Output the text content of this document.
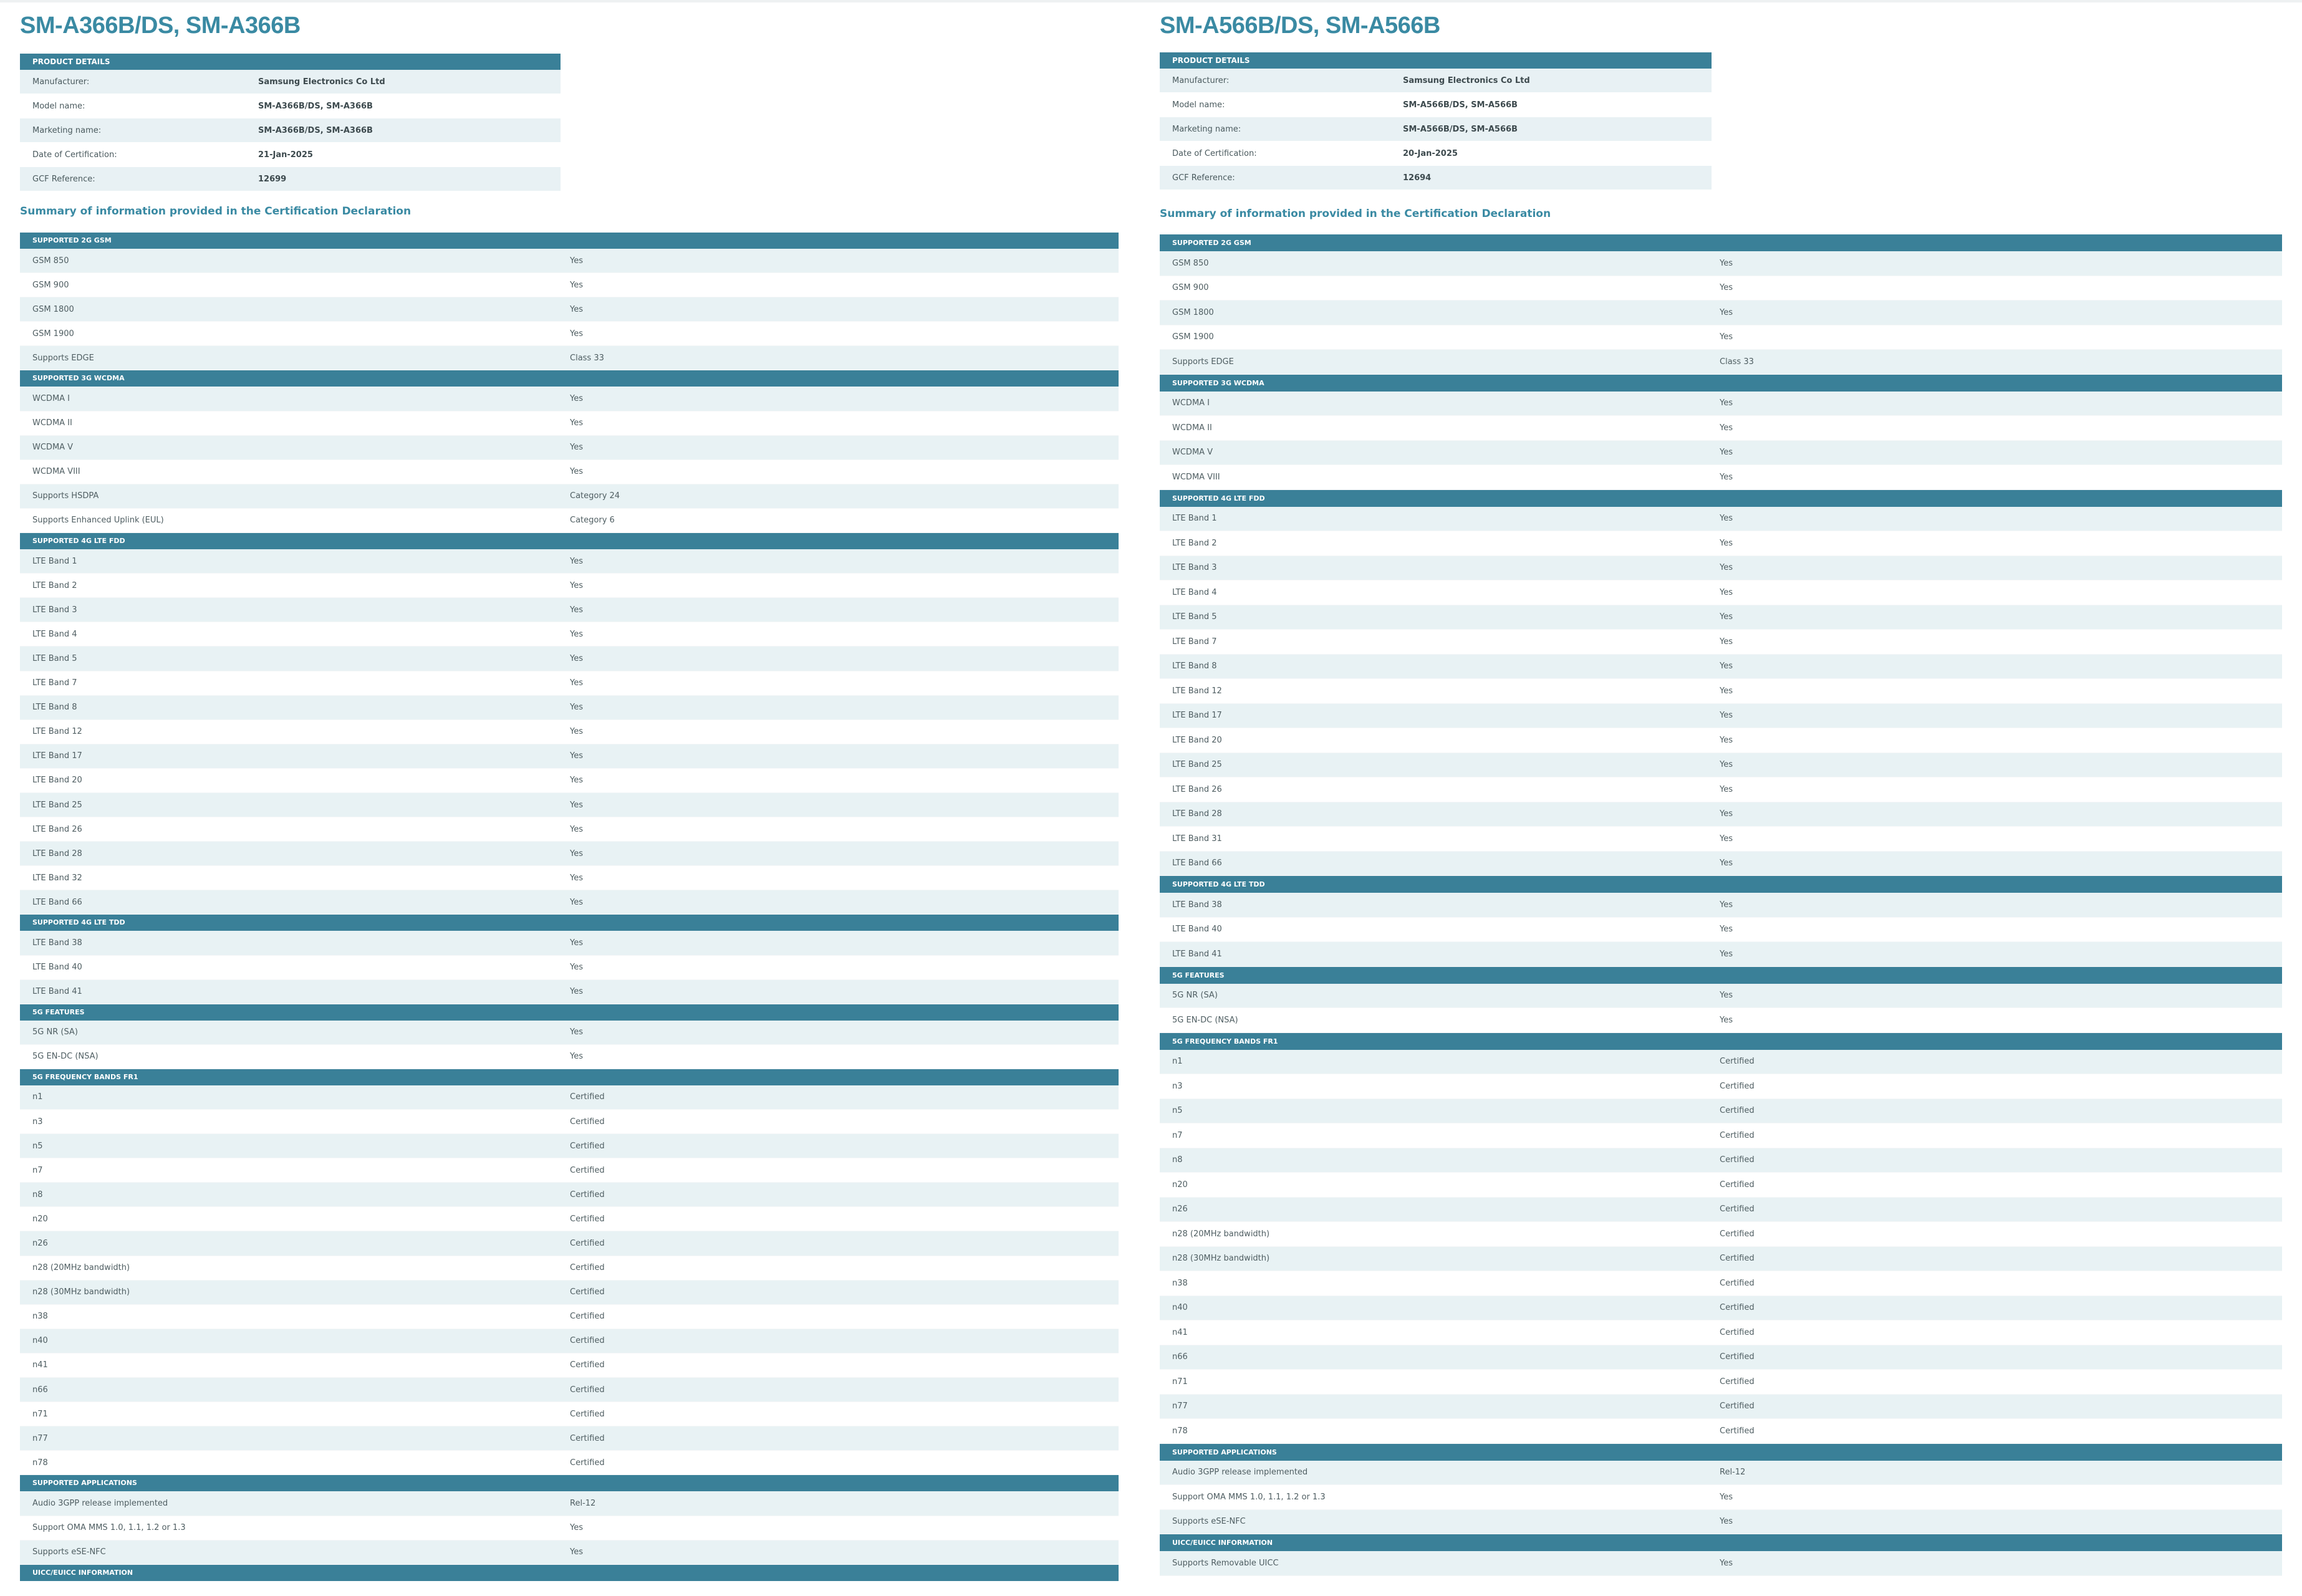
SM-A366B/DS, SM-A366B
PRODUCT DETAILS
Manufacturer:	Samsung Electronics Co Ltd
Model name:	SM-A366B/DS, SM-A366B
Marketing name:	SM-A366B/DS, SM-A366B
Date of Certification:	21-Jan-2025
GCF Reference:	12699
Summary of information provided in the Certification Declaration
SUPPORTED 2G GSM
GSM 850	Yes
GSM 900	Yes
GSM 1800	Yes
GSM 1900	Yes
Supports EDGE	Class 33
SUPPORTED 3G WCDMA
WCDMA I	Yes
WCDMA II	Yes
WCDMA V	Yes
WCDMA VIII	Yes
Supports HSDPA	Category 24
Supports Enhanced Uplink (EUL)	Category 6
SUPPORTED 4G LTE FDD
LTE Band 1	Yes
LTE Band 2	Yes
LTE Band 3	Yes
LTE Band 4	Yes
LTE Band 5	Yes
LTE Band 7	Yes
LTE Band 8	Yes
LTE Band 12	Yes
LTE Band 17	Yes
LTE Band 20	Yes
LTE Band 25	Yes
LTE Band 26	Yes
LTE Band 28	Yes
LTE Band 32	Yes
LTE Band 66	Yes
SUPPORTED 4G LTE TDD
LTE Band 38	Yes
LTE Band 40	Yes
LTE Band 41	Yes
5G FEATURES
5G NR (SA)	Yes
5G EN-DC (NSA)	Yes
5G FREQUENCY BANDS FR1
n1	Certified
n3	Certified
n5	Certified
n7	Certified
n8	Certified
n20	Certified
n26	Certified
n28 (20MHz bandwidth)	Certified
n28 (30MHz bandwidth)	Certified
n38	Certified
n40	Certified
n41	Certified
n66	Certified
n71	Certified
n77	Certified
n78	Certified
SUPPORTED APPLICATIONS
Audio 3GPP release implemented	Rel-12
Support OMA MMS 1.0, 1.1, 1.2 or 1.3	Yes
Supports eSE-NFC	Yes
UICC/EUICC INFORMATION
SM-A566B/DS, SM-A566B
PRODUCT DETAILS
Manufacturer:	Samsung Electronics Co Ltd
Model name:	SM-A566B/DS, SM-A566B
Marketing name:	SM-A566B/DS, SM-A566B
Date of Certification:	20-Jan-2025
GCF Reference:	12694
Summary of information provided in the Certification Declaration
SUPPORTED 2G GSM
GSM 850	Yes
GSM 900	Yes
GSM 1800	Yes
GSM 1900	Yes
Supports EDGE	Class 33
SUPPORTED 3G WCDMA
WCDMA I	Yes
WCDMA II	Yes
WCDMA V	Yes
WCDMA VIII	Yes
SUPPORTED 4G LTE FDD
LTE Band 1	Yes
LTE Band 2	Yes
LTE Band 3	Yes
LTE Band 4	Yes
LTE Band 5	Yes
LTE Band 7	Yes
LTE Band 8	Yes
LTE Band 12	Yes
LTE Band 17	Yes
LTE Band 20	Yes
LTE Band 25	Yes
LTE Band 26	Yes
LTE Band 28	Yes
LTE Band 31	Yes
LTE Band 66	Yes
SUPPORTED 4G LTE TDD
LTE Band 38	Yes
LTE Band 40	Yes
LTE Band 41	Yes
5G FEATURES
5G NR (SA)	Yes
5G EN-DC (NSA)	Yes
5G FREQUENCY BANDS FR1
n1	Certified
n3	Certified
n5	Certified
n7	Certified
n8	Certified
n20	Certified
n26	Certified
n28 (20MHz bandwidth)	Certified
n28 (30MHz bandwidth)	Certified
n38	Certified
n40	Certified
n41	Certified
n66	Certified
n71	Certified
n77	Certified
n78	Certified
SUPPORTED APPLICATIONS
Audio 3GPP release implemented	Rel-12
Support OMA MMS 1.0, 1.1, 1.2 or 1.3	Yes
Supports eSE-NFC	Yes
UICC/EUICC INFORMATION
Supports Removable UICC	Yes
